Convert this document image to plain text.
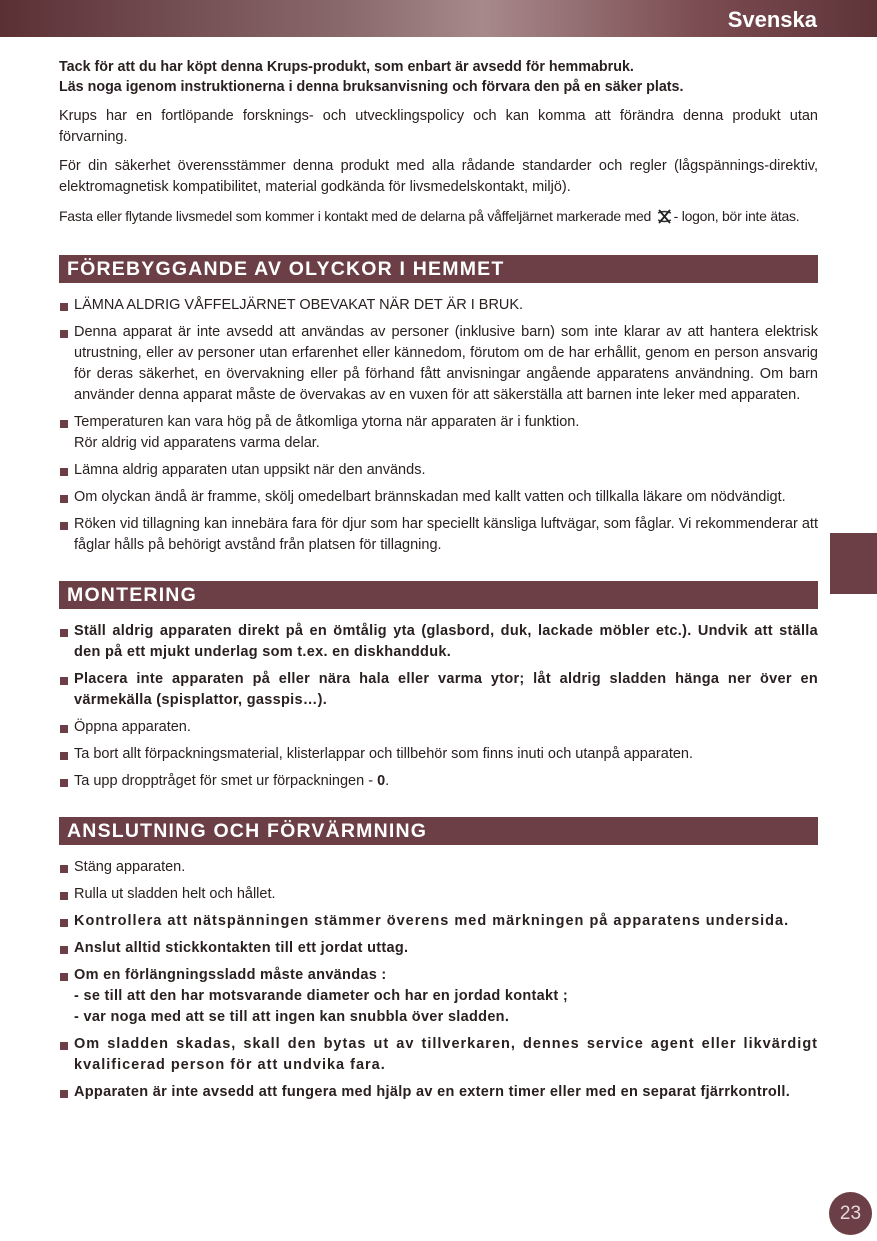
Svenska
23
Tack för att du har köpt denna Krups-produkt, som enbart är avsedd för hemmabruk.
Läs noga igenom instruktionerna i denna bruksanvisning och förvara den på en säker plats.

Krups har en fortlöpande forsknings- och utvecklingspolicy och kan komma att förändra denna produkt utan förvarning.

För din säkerhet överensstämmer denna produkt med alla rådande standarder och regler (lågspännings-direktiv, elektromagnetisk kompatibilitet, material godkända för livsmedelskontakt, miljö).

Fasta eller flytande livsmedel som kommer i kontakt med de delarna på våffeljärnet markerade med - logon, bör inte ätas.

FÖREBYGGANDE AV OLYCKOR I HEMMET
LÄMNA ALDRIG VÅFFELJÄRNET OBEVAKAT NÄR DET ÄR I BRUK.
Denna apparat är inte avsedd att användas av personer (inklusive barn) som inte klarar av att hantera elektrisk utrustning, eller av personer utan erfarenhet eller kännedom, förutom om de har erhållit, genom en person ansvarig för deras säkerhet, en övervakning eller på förhand fått anvisningar angående apparatens användning. Om barn använder denna apparat måste de övervakas av en vuxen för att säkerställa att barnen inte leker med apparaten.
Temperaturen kan vara hög på de åtkomliga ytorna när apparaten är i funktion.
Rör aldrig vid apparatens varma delar.
Lämna aldrig apparaten utan uppsikt när den används.
Om olyckan ändå är framme, skölj omedelbart brännskadan med kallt vatten och tillkalla läkare om nödvändigt.
Röken vid tillagning kan innebära fara för djur som har speciellt känsliga luftvägar, som fåglar. Vi rekommenderar att fåglar hålls på behörigt avstånd från platsen för tillagning.
MONTERING
Ställ aldrig apparaten direkt på en ömtålig yta (glasbord, duk, lackade möbler etc.). Undvik att ställa den på ett mjukt underlag som t.ex. en diskhandduk.
Placera inte apparaten på eller nära hala eller varma ytor; låt aldrig sladden hänga ner över en värmekälla (spisplattor, gasspis…).
Öppna apparaten.
Ta bort allt förpackningsmaterial, klisterlappar och tillbehör som finns inuti och utanpå apparaten.
Ta upp dropptråget för smet ur förpackningen - 0.
ANSLUTNING OCH FÖRVÄRMNING
Stäng apparaten.
Rulla ut sladden helt och hållet.
Kontrollera att nätspänningen stämmer överens med märkningen på apparatens undersida.
Anslut alltid stickkontakten till ett jordat uttag.
Om en förlängningssladd måste användas :
- se till att den har motsvarande diameter och har en jordad kontakt ;
- var noga med att se till att ingen kan snubbla över sladden.
Om sladden skadas, skall den bytas ut av tillverkaren, dennes service agent eller likvärdigt kvalificerad person för att undvika fara.
Apparaten är inte avsedd att fungera med hjälp av en extern timer eller med en separat fjärrkontroll.
